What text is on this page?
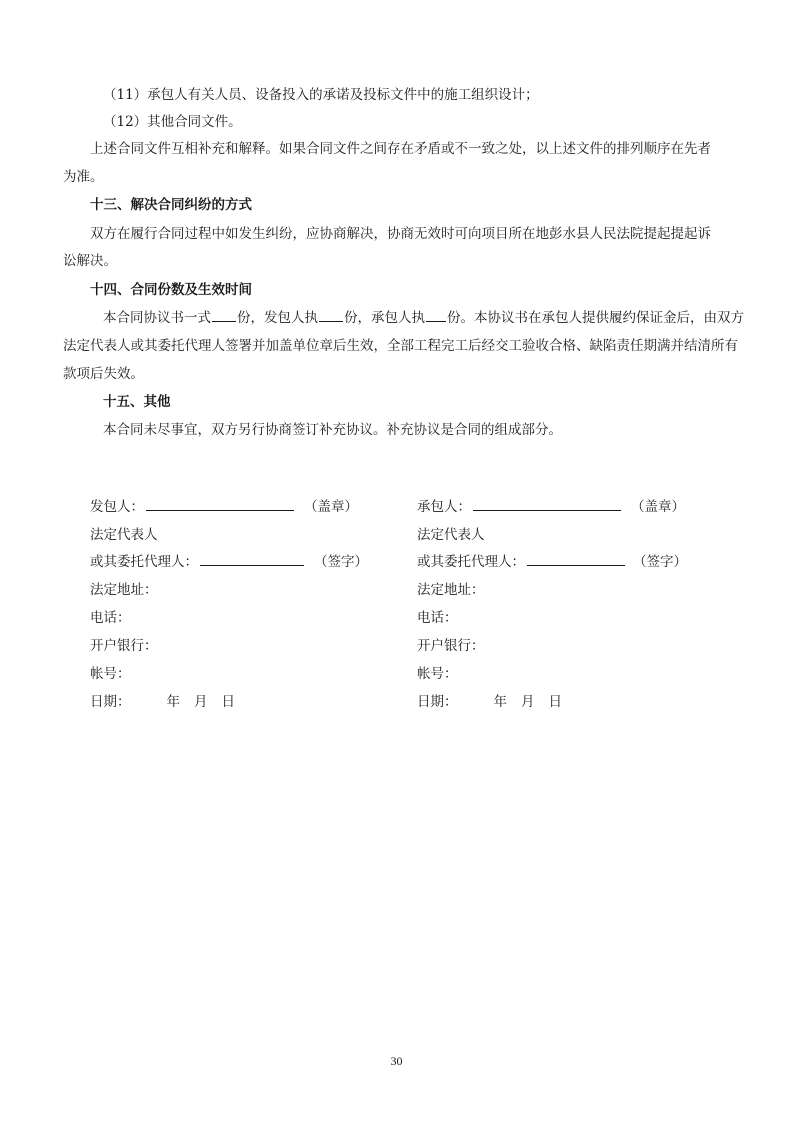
（11）承包人有关人员、设备投入的承诺及投标文件中的施工组织设计；
（12）其他合同文件。
上述合同文件互相补充和解释。如果合同文件之间存在矛盾或不一致之处，以上述文件的排列顺序在先者
为准。
十三、解决合同纠纷的方式
双方在履行合同过程中如发生纠纷，应协商解决，协商无效时可向项目所在地彭水县人民法院提起提起诉
讼解决。
十四、合同份数及生效时间
本合同协议书一式 份，发包人执 份，承包人执 份。本协议书在承包人提供履约保证金后，由双方
法定代表人或其委托代理人签署并加盖单位章后生效，全部工程完工后经交工验收合格、缺陷责任期满并结清所有
款项后失效。
十五、其他
本合同未尽事宜，双方另行协商签订补充协议。补充协议是合同的组成部分。
发包人：	（盖章）
法定代表人
或其委托代理人：	（签字）
法定地址：
电话：
开户银行：
帐号：
日期：	年 月 日
承包人：	（盖章）
法定代表人
或其委托代理人：	（签字）
法定地址：
电话：
开户银行：
帐号：
日期：	年 月 日
30
